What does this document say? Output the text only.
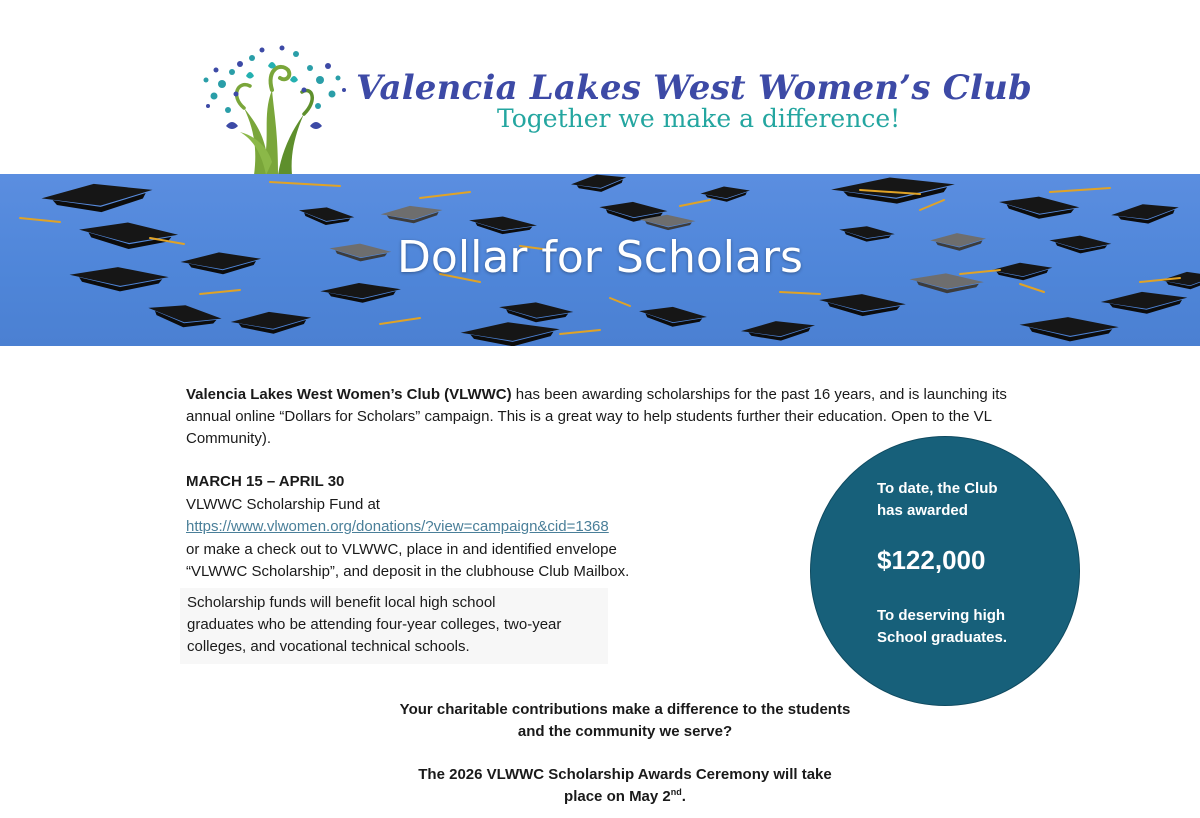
Valencia Lakes West Women’s Club
Together we make a difference!
Dollar for Scholars
Valencia Lakes West Women’s Club (VLWWC) has been awarding scholarships for the past 16 years, and is launching its annual online “Dollars for Scholars” campaign. This is a great way to help students further their education. Open to the VL Community).
MARCH 15 – APRIL 30
VLWWC Scholarship Fund at
https://www.vlwomen.org/donations/?view=campaign&cid=1368
or make a check out to VLWWC, place in and identified envelope
“VLWWC Scholarship”, and deposit in the clubhouse Club Mailbox.
Scholarship funds will benefit local high school
graduates who be attending four-year colleges, two-year
colleges, and vocational technical schools.
To date, the Club
has awarded
$122,000
To deserving high
School graduates.
Your charitable contributions make a difference to the students
and the community we serve?
The 2026 VLWWC Scholarship Awards Ceremony will take
place on May 2nd.
